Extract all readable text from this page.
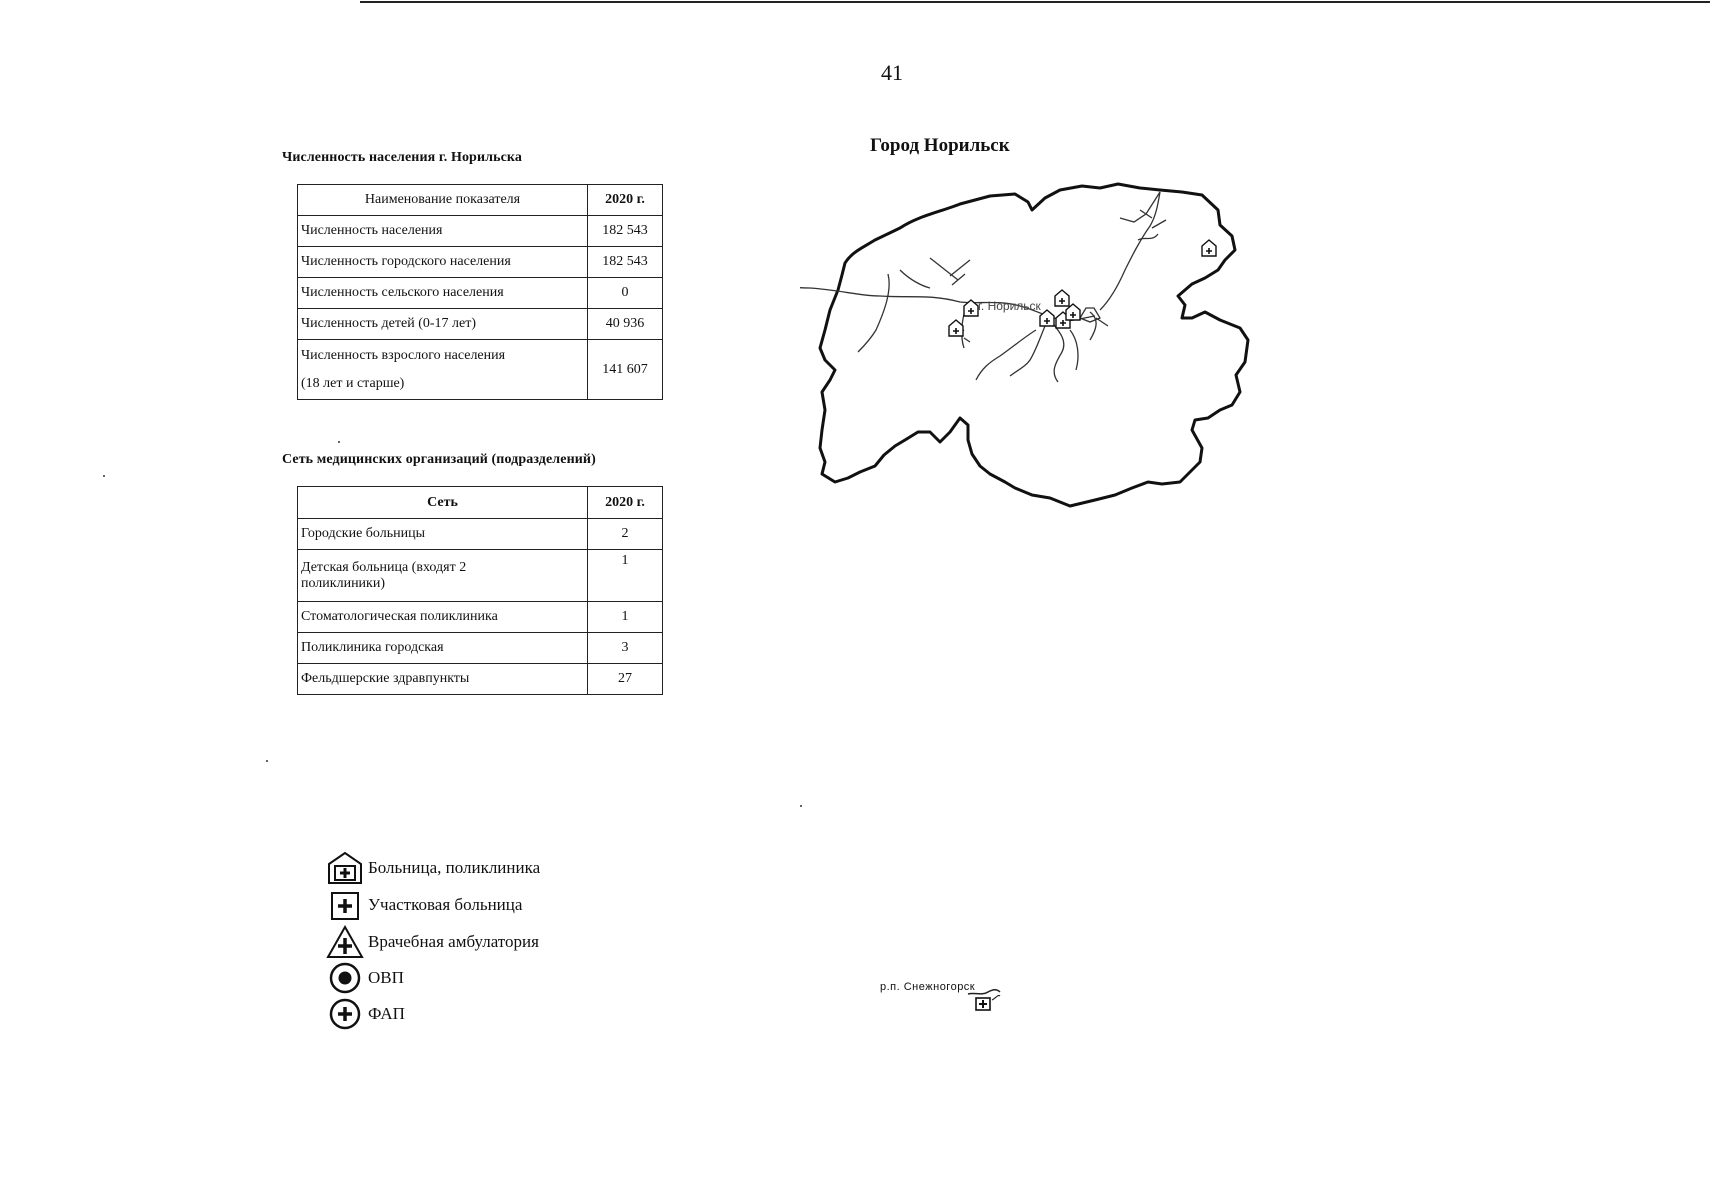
41
Численность населения г. Норильска
Наименование показателя	2020 г.
Численность населения	182 543
Численность городского населения	182 543
Численность сельского населения	0
Численность детей (0-17 лет)	40 936

Численность взрослого населения
(18 лет и старше)	141 607
Сеть медицинских организаций (подразделений)
Сеть	2020 г.
Городские больницы	2

Детская больница (входят 2
поликлиники)	1
Стоматологическая поликлиника	1
Поликлиника городская	3
Фельдшерские здравпункты	27
Город Норильск
г. Норильск
Больница, поликлиника
Участковая больница
Врачебная амбулатория
ОВП
ФАП
р.п. Снежногорск
